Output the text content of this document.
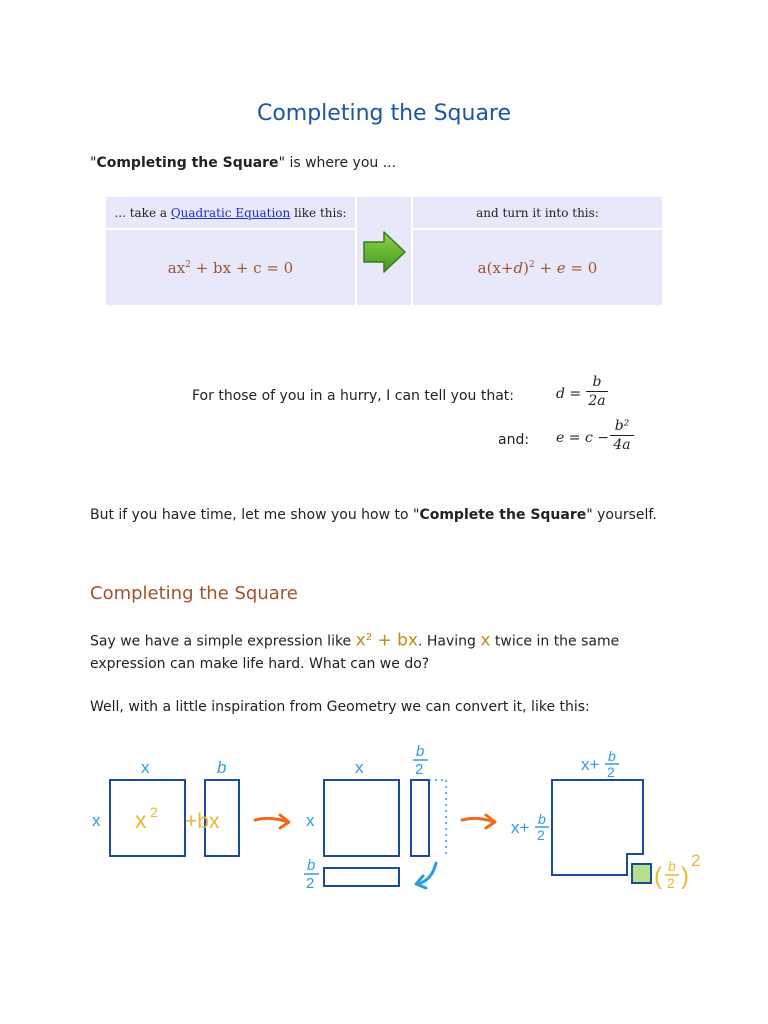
Completing the Square
"Completing the Square" is where you ...
... take a Quadratic Equation like this:	and turn it into this:
$ax^2$ + bx + c = 0	$a(x+d)^2 + e = 0$
For those of you in a hurry, I can tell you that:	$d = \frac{b}{2a}$
and: $e = c - \frac{\text{b²}}{4a}$
But if you have time, let me show you how to "Complete the Square" yourself.
Completing the Square
Say we have a simple expression like $x^2$ + bx. Having x twice in the same
expression can make life hard. What can we do?
Well, with a little inspiration from Geometry we can convert it, like this:
x
x x 2
b
+bx
x
x
b
2
b
2
x+ b
2
x+ b
2
( b
2 )
2
